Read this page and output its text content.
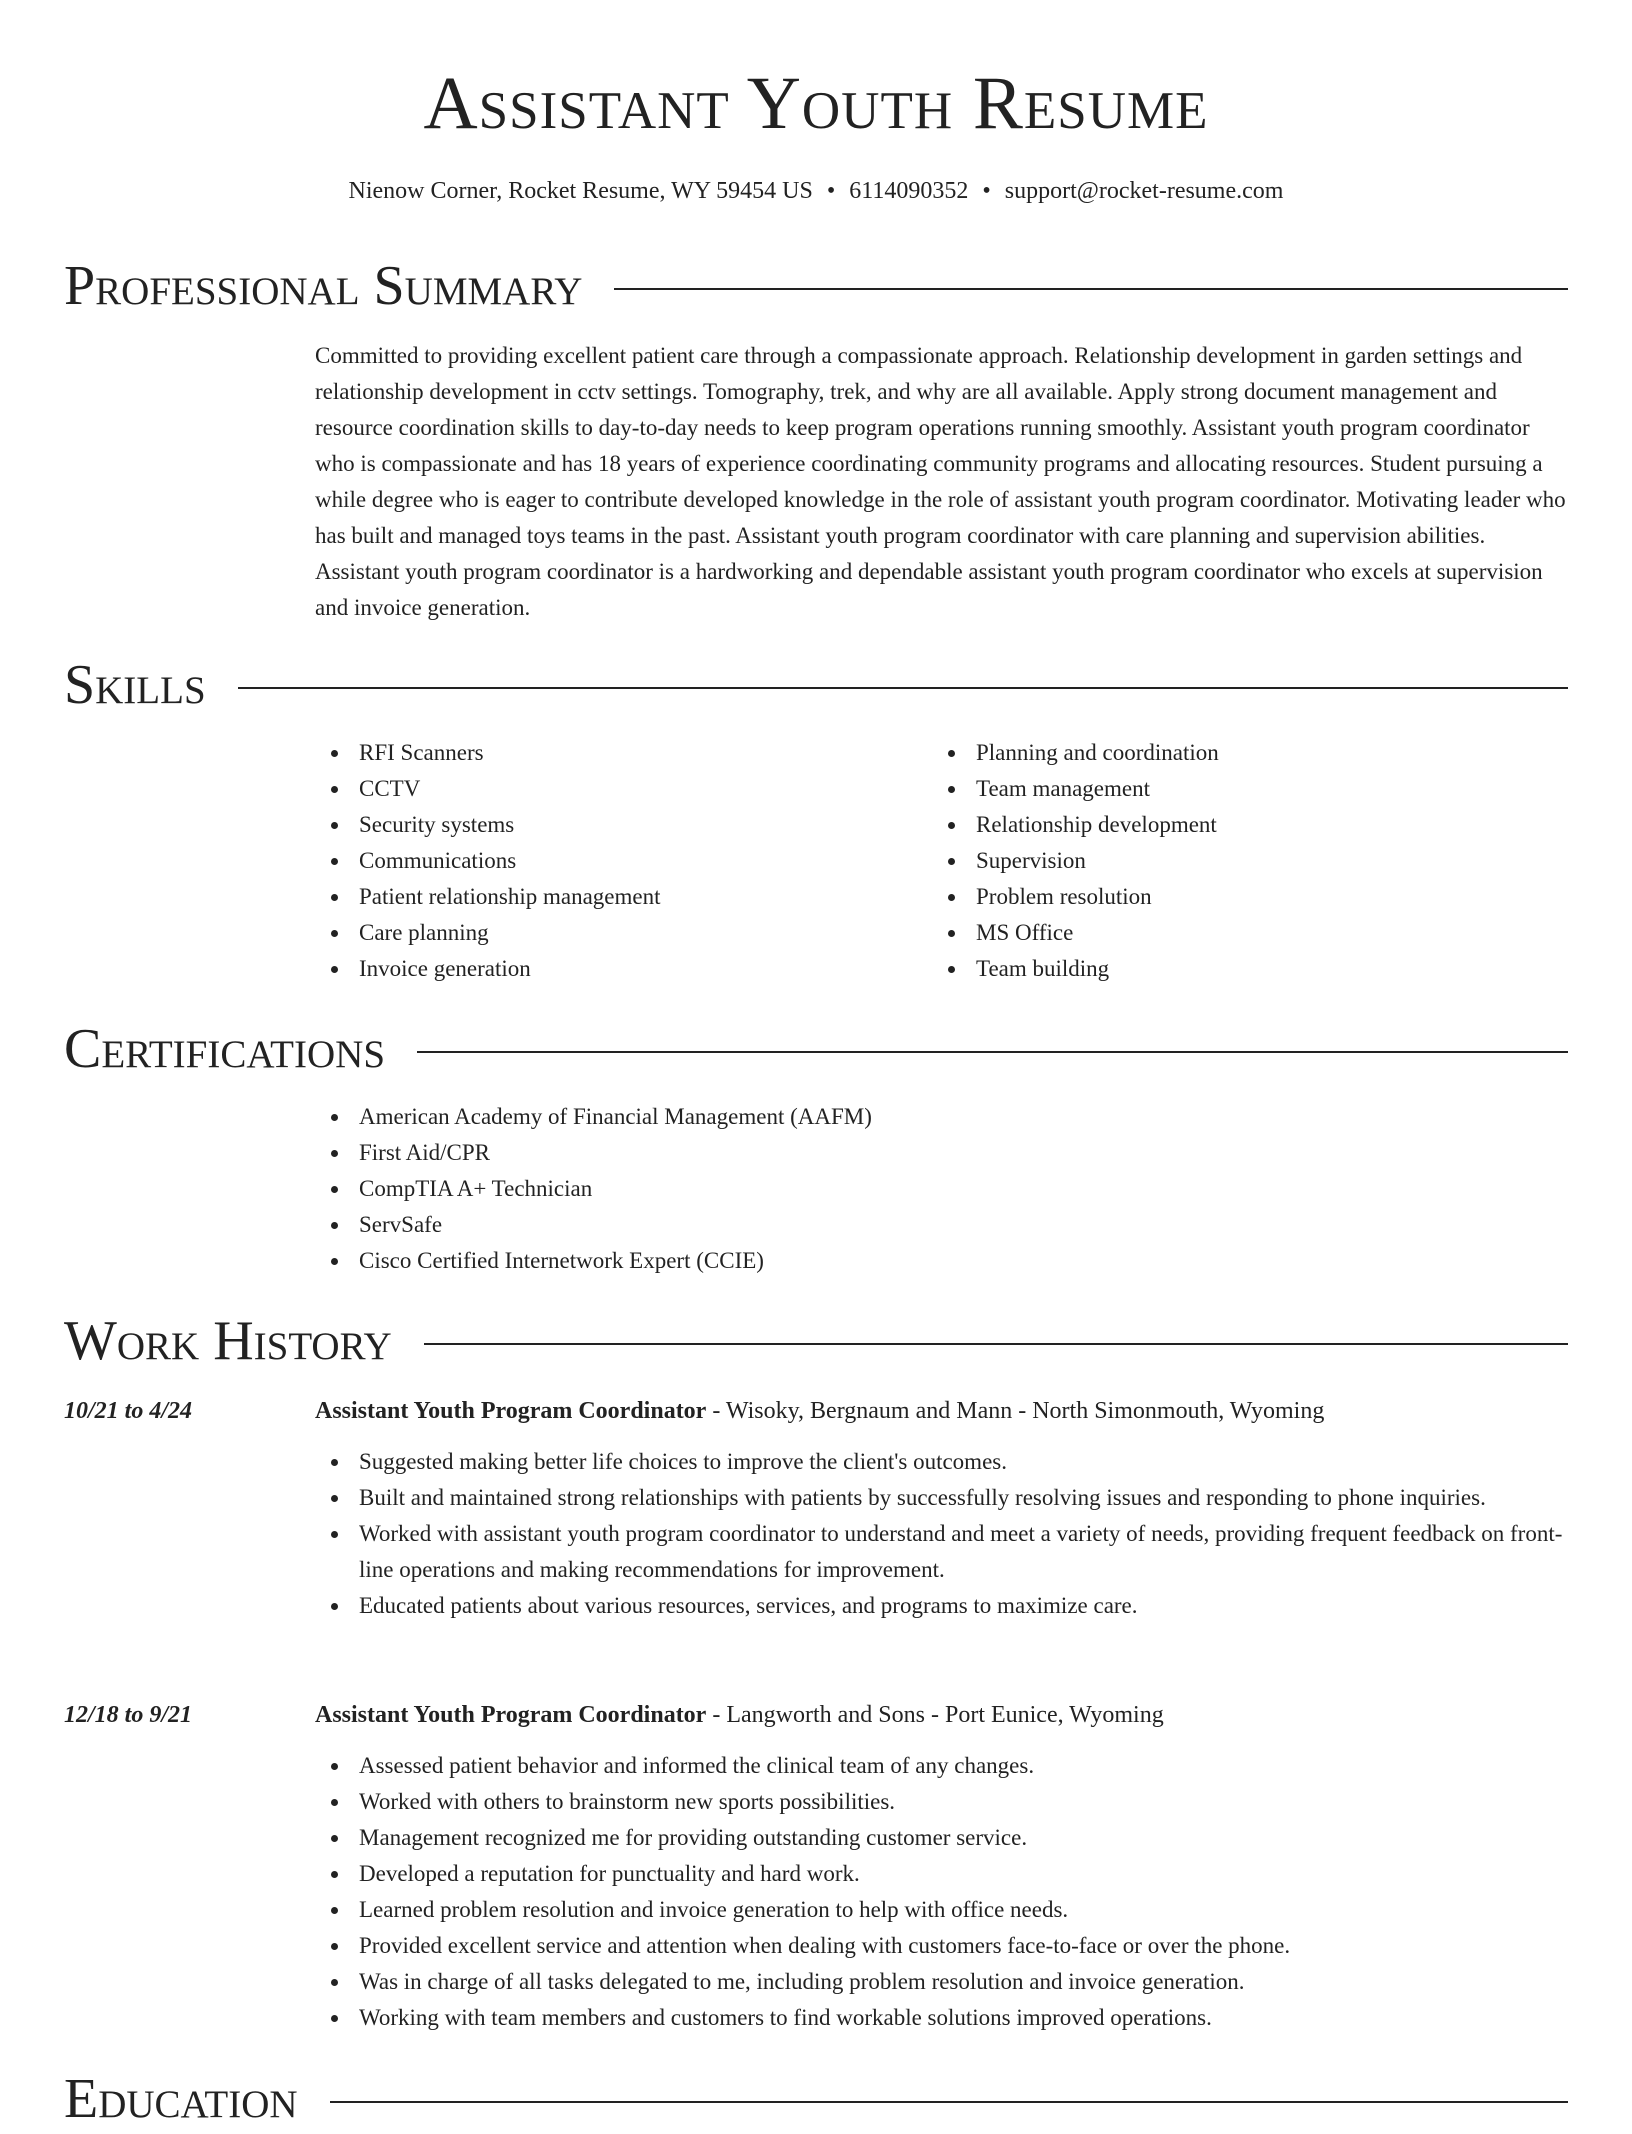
Assistant Youth Resume
Nienow Corner, Rocket Resume, WY 59454 US • 6114090352 • support@rocket-resume.com
Professional Summary

Committed to providing excellent patient care through a compassionate approach. Relationship development in garden settings and relationship development in cctv settings. Tomography, trek, and why are all available. Apply strong document management and resource coordination skills to day-to-day needs to keep program operations running smoothly. Assistant youth program coordinator who is compassionate and has 18 years of experience coordinating community programs and allocating resources. Student pursuing a while degree who is eager to contribute developed knowledge in the role of assistant youth program coordinator. Motivating leader who has built and managed toys teams in the past. Assistant youth program coordinator with care planning and supervision abilities. Assistant youth program coordinator is a hardworking and dependable assistant youth program coordinator who excels at supervision and invoice generation.

Skills
RFI Scanners
CCTV
Security systems
Communications
Patient relationship management
Care planning
Invoice generation
Planning and coordination
Team management
Relationship development
Supervision
Problem resolution
MS Office
Team building
Certifications
American Academy of Financial Management (AAFM)
First Aid/CPR
CompTIA A+ Technician
ServSafe
Cisco Certified Internetwork Expert (CCIE)
Work History
10/21 to 4/24	Assistant Youth Program Coordinator - Wisoky, Bergnaum and Mann - North Simonmouth, Wyoming
Suggested making better life choices to improve the client's outcomes.
Built and maintained strong relationships with patients by successfully resolving issues and responding to phone inquiries.
Worked with assistant youth program coordinator to understand and meet a variety of needs, providing frequent feedback on front-line operations and making recommendations for improvement.
Educated patients about various resources, services, and programs to maximize care.
12/18 to 9/21	Assistant Youth Program Coordinator - Langworth and Sons - Port Eunice, Wyoming
Assessed patient behavior and informed the clinical team of any changes.
Worked with others to brainstorm new sports possibilities.
Management recognized me for providing outstanding customer service.
Developed a reputation for punctuality and hard work.
Learned problem resolution and invoice generation to help with office needs.
Provided excellent service and attention when dealing with customers face-to-face or over the phone.
Was in charge of all tasks delegated to me, including problem resolution and invoice generation.
Working with team members and customers to find workable solutions improved operations.
Education
